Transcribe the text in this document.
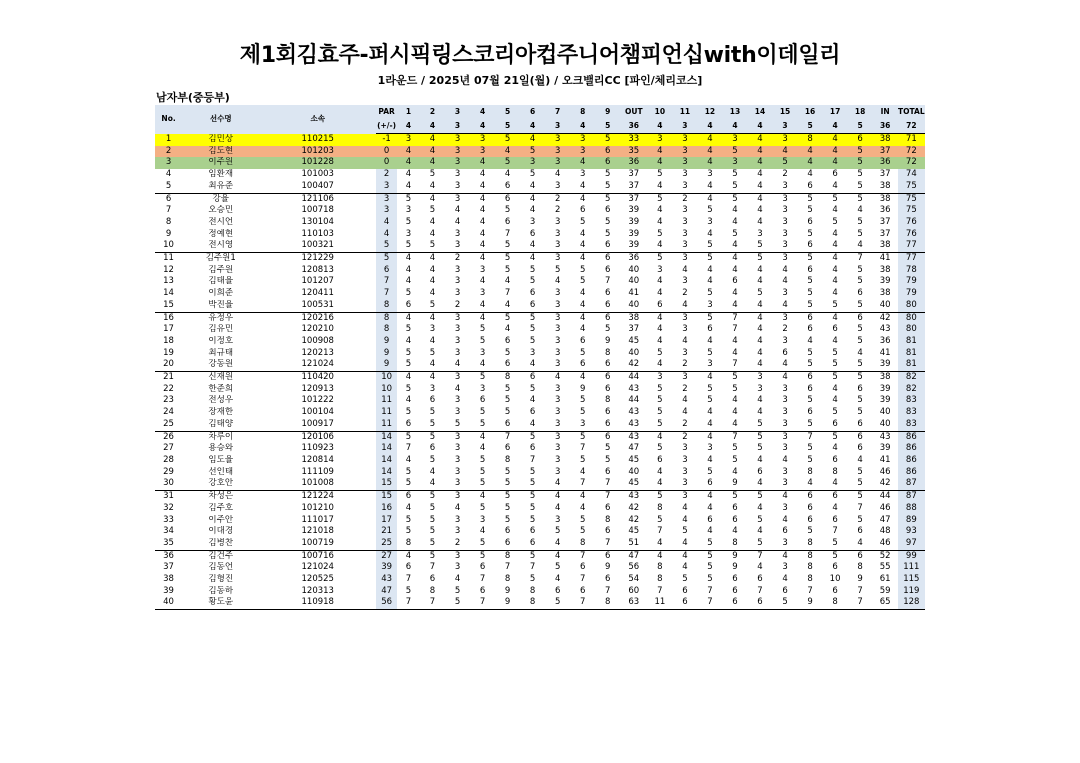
제1회김효주-퍼시픽링스코리아컵주니어챔피언십with이데일리
1라운드 / 2025년 07월 21일(월) / 오크밸리CC [파인/체리코스]
남자부(중등부)
No.	선수명	소속	PAR	1	2	3	4	5	6	7	8	9	OUT	10	11	12	13	14	15	16	17	18	IN	TOTAL
			(+/-)	4	4	3	4	5	4	3	4	5	36	4	3	4	4	4	3	5	4	5	36	72
1	김민상	110215	-1	3	4	3	3	5	4	3	3	5	33	3	3	4	3	4	3	8	4	6	38	71
2	김도현	101203	0	4	4	3	3	4	5	3	3	6	35	4	3	4	5	4	4	4	4	5	37	72
3	이주원	101228	0	4	4	3	4	5	3	3	4	6	36	4	3	4	3	4	5	4	4	5	36	72
4	임환재	101003	2	4	5	3	4	4	5	4	3	5	37	5	3	3	5	4	2	4	6	5	37	74
5	최유준	100407	3	4	4	3	4	6	4	3	4	5	37	4	3	4	5	4	3	6	4	5	38	75
6	강율	121106	3	5	4	3	4	6	4	2	4	5	37	5	2	4	5	4	3	5	5	5	38	75
7	오승민	100718	3	3	5	4	4	5	4	2	6	6	39	4	3	5	4	4	3	5	4	4	36	75
8	전시언	130104	4	5	4	4	4	6	3	3	5	5	39	4	3	3	4	4	3	6	5	5	37	76
9	정예현	110103	4	3	4	3	4	7	6	3	4	5	39	5	3	4	5	3	3	5	4	5	37	76
10	전시영	100321	5	5	5	3	4	5	4	3	4	6	39	4	3	5	4	5	3	6	4	4	38	77
11	김주원1	121229	5	4	4	2	4	5	4	3	4	6	36	5	3	5	4	5	3	5	4	7	41	77
12	김주원	120813	6	4	4	3	3	5	5	5	5	6	40	3	4	4	4	4	4	6	4	5	38	78
13	김태율	101207	7	4	4	3	4	4	5	4	5	7	40	4	3	4	6	4	4	5	4	5	39	79
14	이희준	120411	7	5	4	3	3	7	6	3	4	6	41	4	2	5	4	5	3	5	4	6	38	79
15	박진율	100531	8	6	5	2	4	4	6	3	4	6	40	6	4	3	4	4	4	5	5	5	40	80
16	유정우	120216	8	4	4	3	4	5	5	3	4	6	38	4	3	5	7	4	3	6	4	6	42	80
17	김유민	120210	8	5	3	3	5	4	5	3	4	5	37	4	3	6	7	4	2	6	6	5	43	80
18	이정호	100908	9	4	4	3	5	6	5	3	6	9	45	4	4	4	4	4	3	4	4	5	36	81
19	최규태	120213	9	5	5	3	3	5	3	3	5	8	40	5	3	5	4	4	6	5	5	4	41	81
20	강동원	121024	9	5	4	4	4	6	4	3	6	6	42	4	2	3	7	4	4	5	5	5	39	81
21	신재원	110420	10	4	4	3	5	8	6	4	4	6	44	3	3	4	5	3	4	6	5	5	38	82
22	한준희	120913	10	5	3	4	3	5	5	3	9	6	43	5	2	5	5	3	3	6	4	6	39	82
23	전성우	101222	11	4	6	3	6	5	4	3	5	8	44	5	4	5	4	4	3	5	4	5	39	83
24	장재한	100104	11	5	5	3	5	5	6	3	5	6	43	5	4	4	4	4	3	6	5	5	40	83
25	김태양	100917	11	6	5	5	5	6	4	3	3	6	43	5	2	4	4	5	3	5	6	6	40	83
26	차루이	120106	14	5	5	3	4	7	5	3	5	6	43	4	2	4	7	5	3	7	5	6	43	86
27	용승와	110923	14	7	6	3	4	6	6	3	7	5	47	5	3	3	5	5	3	5	4	6	39	86
28	임도율	120814	14	4	5	3	5	8	7	3	5	5	45	6	3	4	5	4	4	5	6	4	41	86
29	선인태	111109	14	5	4	3	5	5	5	3	4	6	40	4	3	5	4	6	3	8	8	5	46	86
30	강호안	101008	15	5	4	3	5	5	5	4	7	7	45	4	3	6	9	4	3	4	4	5	42	87
31	차성은	121224	15	6	5	3	4	5	5	4	4	7	43	5	3	4	5	5	4	6	6	5	44	87
32	김주호	101210	16	4	5	4	5	5	5	4	4	6	42	8	4	4	6	4	3	6	4	7	46	88
33	이주안	111017	17	5	5	3	3	5	5	3	5	8	42	5	4	6	6	5	4	6	6	5	47	89
34	이대경	121018	21	5	5	3	4	6	6	5	5	6	45	7	5	4	4	4	6	5	7	6	48	93
35	김병찬	100719	25	8	5	2	5	6	6	4	8	7	51	4	4	5	8	5	3	8	5	4	46	97
36	김건주	100716	27	4	5	3	5	8	5	4	7	6	47	4	4	5	9	7	4	8	5	6	52	99
37	김동언	121024	39	6	7	3	6	7	7	5	6	9	56	8	4	5	9	4	3	8	6	8	55	111
38	김형진	120525	43	7	6	4	7	8	5	4	7	6	54	8	5	5	6	6	4	8	10	9	61	115
39	김동하	120313	47	5	8	5	6	9	8	6	6	7	60	7	6	7	6	7	6	7	6	7	59	119
40	황도윤	110918	56	7	7	5	7	9	8	5	7	8	63	11	6	7	6	6	5	9	8	7	65	128
